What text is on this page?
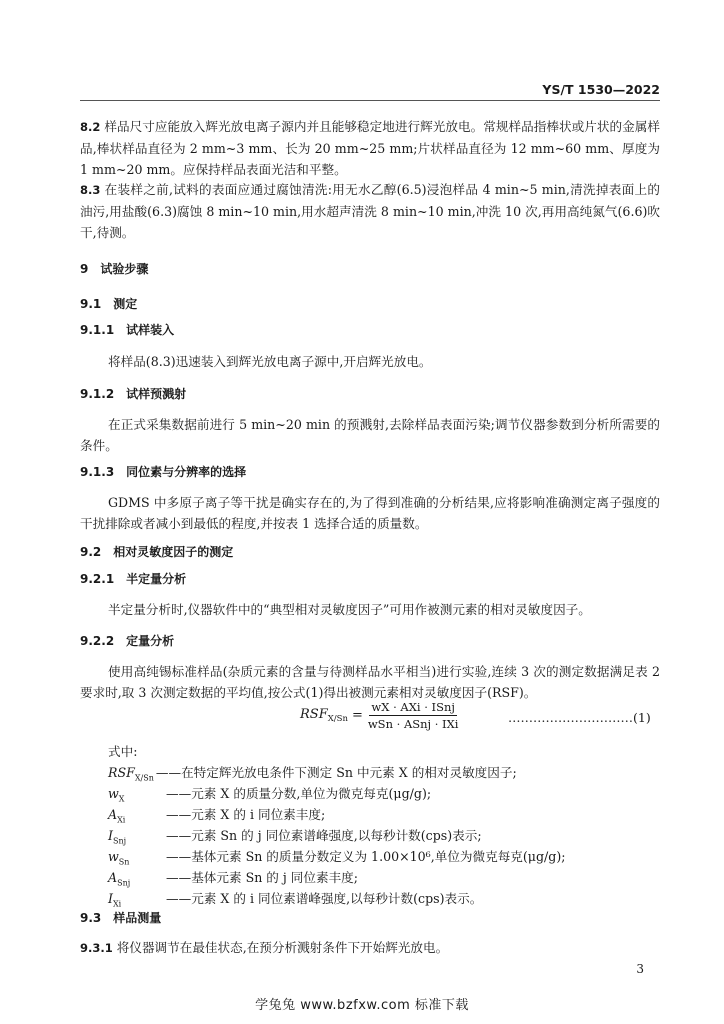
YS/T 1530—2022

8.2 样品尺寸应能放入辉光放电离子源内并且能够稳定地进行辉光放电。常规样品指棒状或片状的金属样品,棒状样品直径为 2 mm~3 mm、长为 20 mm~25 mm;片状样品直径为 12 mm~60 mm、厚度为 1 mm~20 mm。应保持样品表面光洁和平整。

8.3 在装样之前,试料的表面应通过腐蚀清洗:用无水乙醇(6.5)浸泡样品 4 min~5 min,清洗掉表面上的油污,用盐酸(6.3)腐蚀 8 min~10 min,用水超声清洗 8 min~10 min,冲洗 10 次,再用高纯氮气(6.6)吹干,待测。

9 试验步骤
9.1 测定
9.1.1 试样装入

将样品(8.3)迅速装入到辉光放电离子源中,开启辉光放电。

9.1.2 试样预溅射

在正式采集数据前进行 5 min~20 min 的预溅射,去除样品表面污染;调节仪器参数到分析所需要的条件。

9.1.3 同位素与分辨率的选择

GDMS 中多原子离子等干扰是确实存在的,为了得到准确的分析结果,应将影响准确测定离子强度的干扰排除或者减小到最低的程度,并按表 1 选择合适的质量数。

9.2 相对灵敏度因子的测定
9.2.1 半定量分析

半定量分析时,仪器软件中的“典型相对灵敏度因子”可用作被测元素的相对灵敏度因子。

9.2.2 定量分析

使用高纯锡标准样品(杂质元素的含量与待测样品水平相当)进行实验,连续 3 次的测定数据满足表 2 要求时,取 3 次测定数据的平均值,按公式(1)得出被测元素相对灵敏度因子(RSF)。

$RSF_{X/Sn} = \frac{\text{wX · AXi · ISnj}}{\text{wSn · ASnj · IXi}}$	…………………………(1)
式中:
$RSF_{X/Sn}$ ——在特定辉光放电条件下测定 Sn 中元素 X 的相对灵敏度因子;
$w_X$	——元素 X 的质量分数,单位为微克每克(μg/g);
$A_{Xi}$	——元素 X 的 i 同位素丰度;
$I_{Snj}$	——元素 Sn 的 j 同位素谱峰强度,以每秒计数(cps)表示;
$w_{Sn}$	——基体元素 Sn 的质量分数定义为 1.00×10⁶,单位为微克每克(μg/g);
$A_{Snj}$	——基体元素 Sn 的 j 同位素丰度;
$I_{Xi}$	——元素 X 的 i 同位素谱峰强度,以每秒计数(cps)表示。
9.3 样品测量

9.3.1 将仪器调节在最佳状态,在预分析溅射条件下开始辉光放电。

3
学兔兔 www.bzfxw.com 标准下载
